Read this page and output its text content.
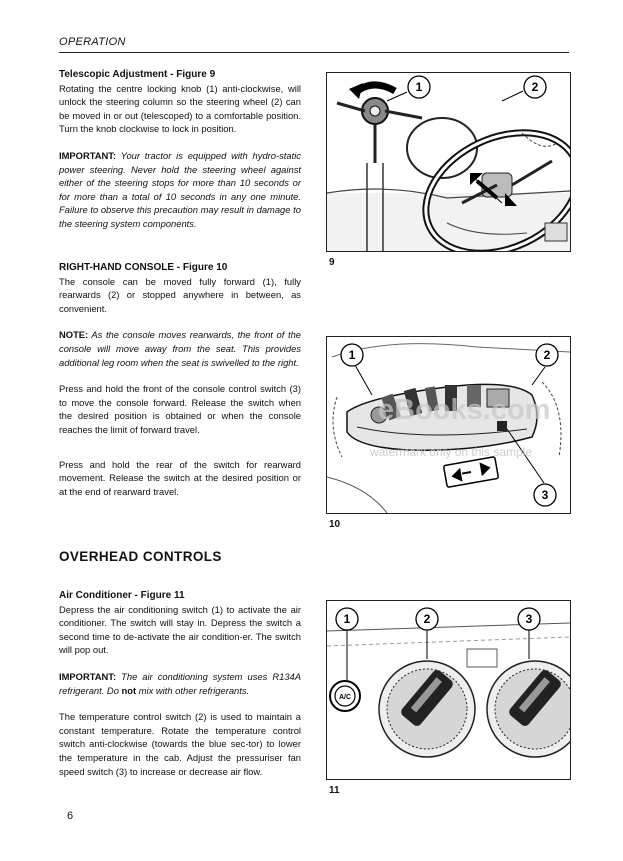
OPERATION

Telescopic Adjustment - Figure 9

Rotating the centre locking knob (1) anti-clockwise, will unlock the steering column so the steering wheel (2) can be moved in or out (telescoped) to a comfortable position. Turn the knob clockwise to lock in position.

IMPORTANT: Your tractor is equipped with hydro-static power steering. Never hold the steering wheel against either of the steering stops for more than 10 seconds or for more than a total of 10 seconds in any one minute. Failure to observe this precaution may result in damage to the steering system components.

RIGHT-HAND CONSOLE - Figure 10

The console can be moved fully forward (1), fully rearwards (2) or stopped anywhere in between, as convenient.

NOTE: As the console moves rearwards, the front of the console will move away from the seat. This provides additional leg room when the seat is swivelled to the right.

Press and hold the front of the console control switch (3) to move the console forward. Release the switch when the desired position is obtained or when the console reaches the limit of forward travel.

Press and hold the rear of the switch for rearward movement. Release the switch at the desired position or at the end of rearward travel.

OVERHEAD CONTROLS

Air Conditioner - Figure 11

Depress the air conditioning switch (1) to activate the air conditioner. The switch will stay in. Depress the switch a second time to de-activate the air condition-er. The switch will pop out.

IMPORTANT: The air conditioning system uses R134A refrigerant. Do not mix with other refrigerants.

The temperature control switch (2) is used to maintain a constant temperature. Rotate the temperature control switch anti-clockwise (towards the blue sec-tor) to lower the temperature in the cab. Adjust the pressuriser fan speed switch (3) to increase or decrease air flow.

1	2
9
1	2
3
10
eBooks.com
watermark only on this sample
A/C
1	2	3
11
6
